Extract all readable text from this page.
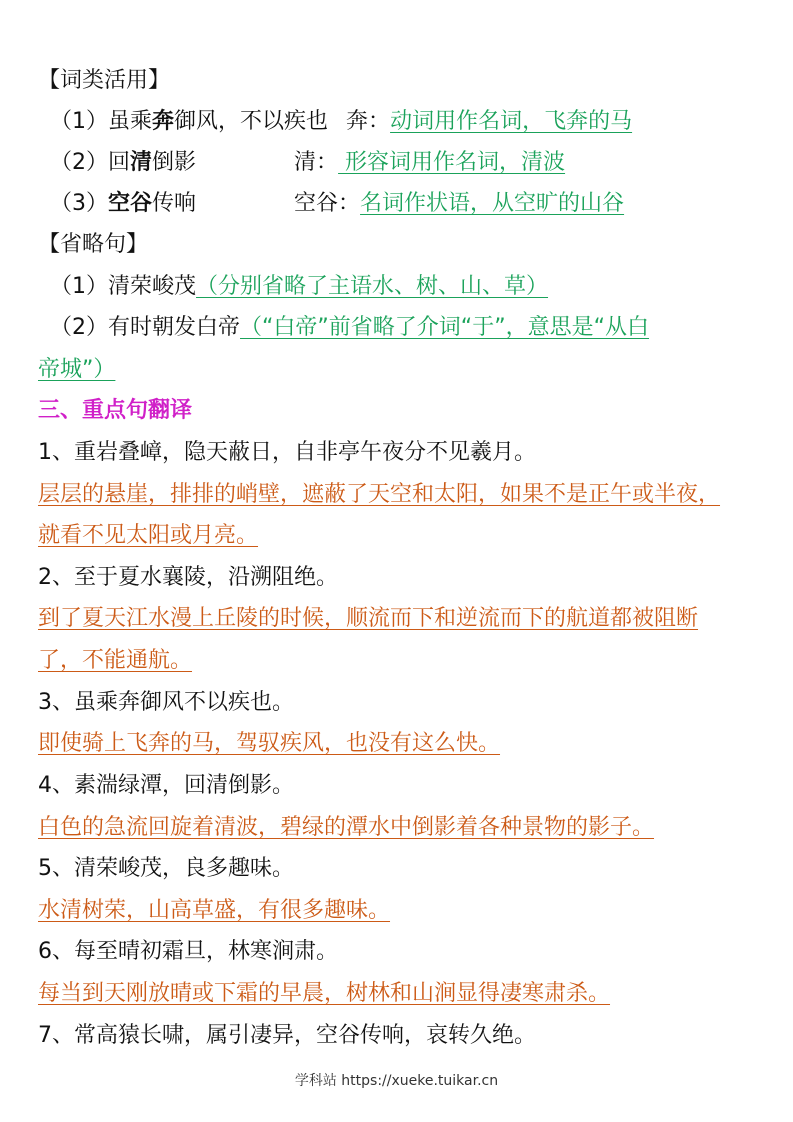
【词类活用】
（1）虽乘奔御风，不以疾也 奔：动词用作名词，飞奔的马
（2）回清倒影	清： 形容词用作名词，清波
（3）空谷传响	空谷：名词作状语，从空旷的山谷
【省略句】
（1）清荣峻茂（分别省略了主语水、树、山、草）
（2）有时朝发白帝（“白帝”前省略了介词“于”，意思是“从白
帝城”）
三、重点句翻译
1、重岩叠嶂，隐天蔽日，自非亭午夜分不见羲月。
层层的悬崖，排排的峭壁，遮蔽了天空和太阳，如果不是正午或半夜，
就看不见太阳或月亮。
2、至于夏水襄陵，沿溯阻绝。
到了夏天江水漫上丘陵的时候，顺流而下和逆流而下的航道都被阻断
了，不能通航。
3、虽乘奔御风不以疾也。
即使骑上飞奔的马，驾驭疾风，也没有这么快。
4、素湍绿潭，回清倒影。
白色的急流回旋着清波，碧绿的潭水中倒影着各种景物的影子。
5、清荣峻茂，良多趣味。
水清树荣，山高草盛，有很多趣味。
6、每至晴初霜旦，林寒涧肃。
每当到天刚放晴或下霜的早晨，树林和山涧显得凄寒肃杀。
7、常高猿长啸，属引凄异，空谷传响，哀转久绝。
学科站 https://xueke.tuikar.cn
